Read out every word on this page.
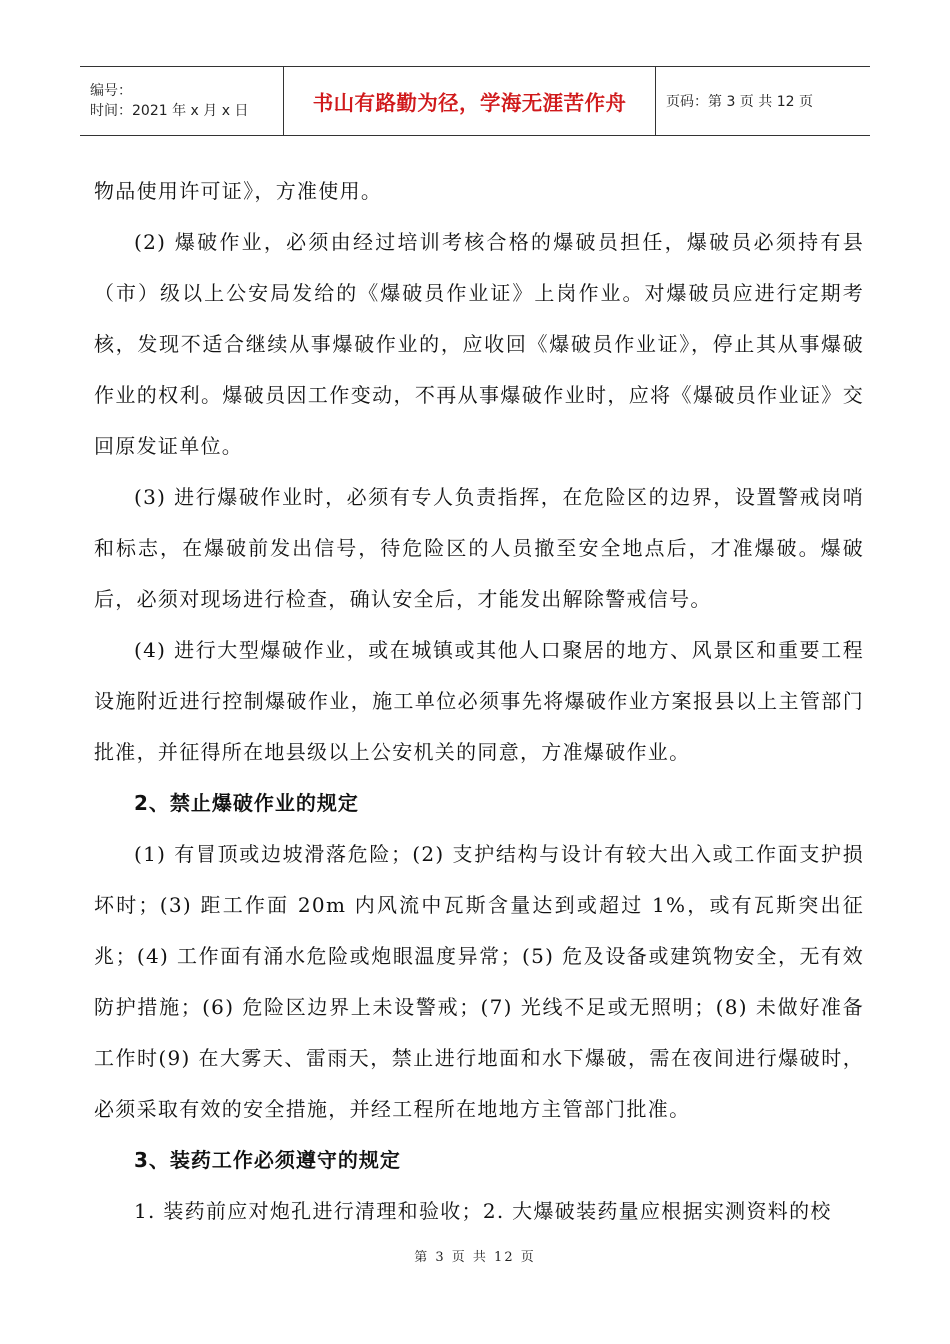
编号：
时间：2021 年 x 月 x 日	书山有路勤为径，学海无涯苦作舟	页码：第 3 页 共 12 页

物品使用许可证》，方准使用。

(2) 爆破作业，必须由经过培训考核合格的爆破员担任，爆破员必须持有县（市）级以上公安局发给的《爆破员作业证》上岗作业。对爆破员应进行定期考核，发现不适合继续从事爆破作业的，应收回《爆破员作业证》，停止其从事爆破作业的权利。爆破员因工作变动，不再从事爆破作业时，应将《爆破员作业证》交回原发证单位。

(3) 进行爆破作业时，必须有专人负责指挥，在危险区的边界，设置警戒岗哨和标志，在爆破前发出信号，待危险区的人员撤至安全地点后，才准爆破。爆破后，必须对现场进行检查，确认安全后，才能发出解除警戒信号。

(4) 进行大型爆破作业，或在城镇或其他人口聚居的地方、风景区和重要工程设施附近进行控制爆破作业，施工单位必须事先将爆破作业方案报县以上主管部门批准，并征得所在地县级以上公安机关的同意，方准爆破作业。

2、禁止爆破作业的规定

(1) 有冒顶或边坡滑落危险；(2) 支护结构与设计有较大出入或工作面支护损坏时；(3) 距工作面 20m 内风流中瓦斯含量达到或超过 1%，或有瓦斯突出征兆；(4) 工作面有涌水危险或炮眼温度异常；(5) 危及设备或建筑物安全，无有效防护措施；(6) 危险区边界上未设警戒；(7) 光线不足或无照明；(8) 未做好准备工作时(9) 在大雾天、雷雨天，禁止进行地面和水下爆破，需在夜间进行爆破时，必须采取有效的安全措施，并经工程所在地地方主管部门批准。

3、装药工作必须遵守的规定

1. 装药前应对炮孔进行清理和验收；2. 大爆破装药量应根据实测资料的校

第 3 页 共 12 页
